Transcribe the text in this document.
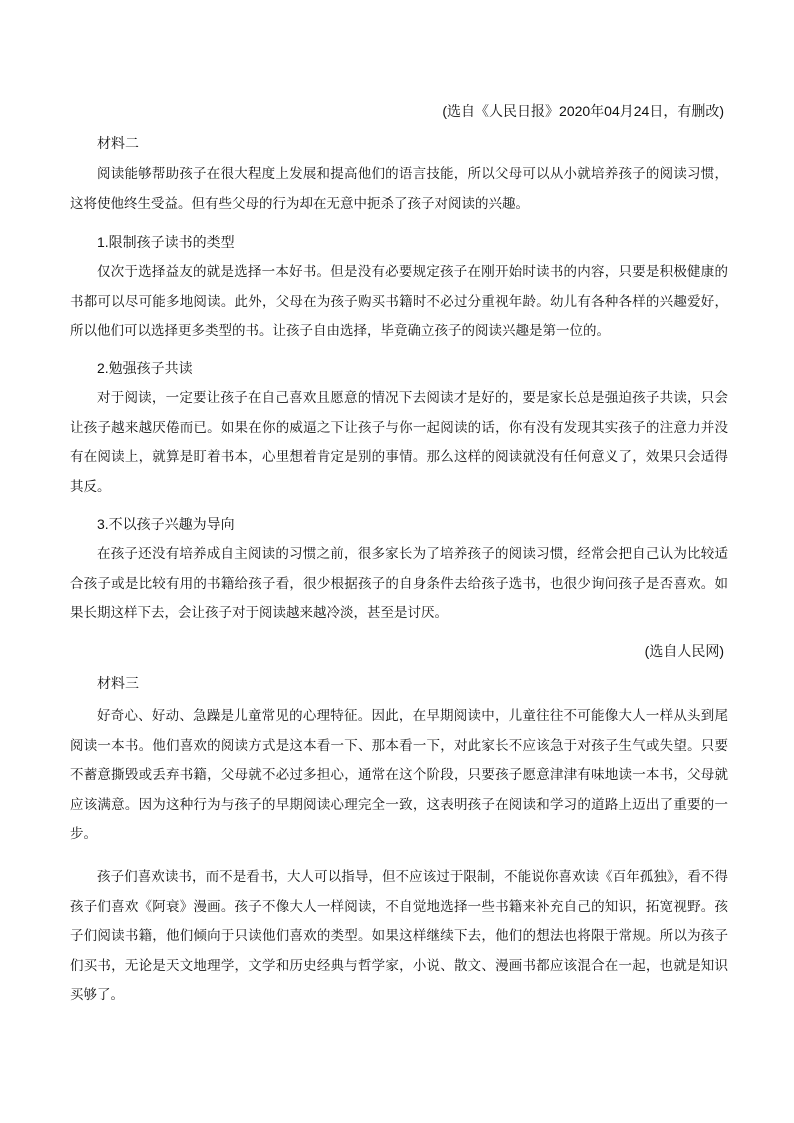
(选自《人民日报》2020年04月24日，有删改)

材料二

阅读能够帮助孩子在很大程度上发展和提高他们的语言技能，所以父母可以从小就培养孩子的阅读习惯，这将使他终生受益。但有些父母的行为却在无意中扼杀了孩子对阅读的兴趣。

1.限制孩子读书的类型

仅次于选择益友的就是选择一本好书。但是没有必要规定孩子在刚开始时读书的内容，只要是积极健康的书都可以尽可能多地阅读。此外，父母在为孩子购买书籍时不必过分重视年龄。幼儿有各种各样的兴趣爱好，所以他们可以选择更多类型的书。让孩子自由选择，毕竟确立孩子的阅读兴趣是第一位的。

2.勉强孩子共读

对于阅读，一定要让孩子在自己喜欢且愿意的情况下去阅读才是好的，要是家长总是强迫孩子共读，只会让孩子越来越厌倦而已。如果在你的威逼之下让孩子与你一起阅读的话，你有没有发现其实孩子的注意力并没有在阅读上，就算是盯着书本，心里想着肯定是别的事情。那么这样的阅读就没有任何意义了，效果只会适得其反。

3.不以孩子兴趣为导向

在孩子还没有培养成自主阅读的习惯之前，很多家长为了培养孩子的阅读习惯，经常会把自己认为比较适合孩子或是比较有用的书籍给孩子看，很少根据孩子的自身条件去给孩子选书，也很少询问孩子是否喜欢。如果长期这样下去，会让孩子对于阅读越来越冷淡，甚至是讨厌。

(选自人民网)

材料三

好奇心、好动、急躁是儿童常见的心理特征。因此，在早期阅读中，儿童往往不可能像大人一样从头到尾阅读一本书。他们喜欢的阅读方式是这本看一下、那本看一下，对此家长不应该急于对孩子生气或失望。只要不蓄意撕毁或丢弃书籍，父母就不必过多担心，通常在这个阶段，只要孩子愿意津津有味地读一本书，父母就应该满意。因为这种行为与孩子的早期阅读心理完全一致，这表明孩子在阅读和学习的道路上迈出了重要的一步。

孩子们喜欢读书，而不是看书，大人可以指导，但不应该过于限制，不能说你喜欢读《百年孤独》，看不得孩子们喜欢《阿衰》漫画。孩子不像大人一样阅读，不自觉地选择一些书籍来补充自己的知识，拓宽视野。孩子们阅读书籍，他们倾向于只读他们喜欢的类型。如果这样继续下去，他们的想法也将限于常规。所以为孩子们买书，无论是天文地理学，文学和历史经典与哲学家，小说、散文、漫画书都应该混合在一起，也就是知识买够了。
